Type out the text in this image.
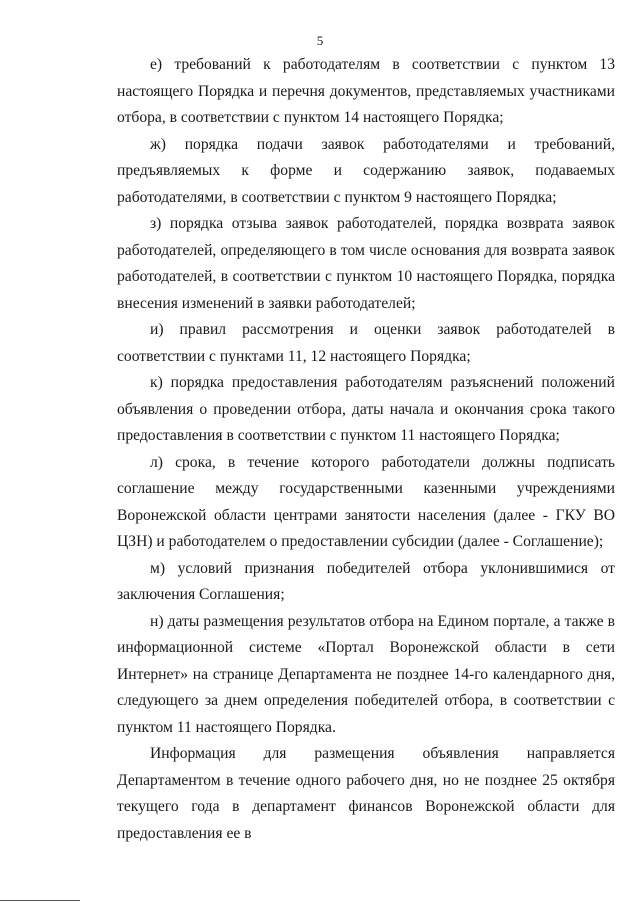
5

е) требований к работодателям в соответствии с пунктом 13 настоящего Порядка и перечня документов, представляемых участниками отбора, в соответствии с пунктом 14 настоящего Порядка;

ж) порядка подачи заявок работодателями и требований, предъявляемых к форме и содержанию заявок, подаваемых работодателями, в соответствии с пунктом 9 настоящего Порядка;

з) порядка отзыва заявок работодателей, порядка возврата заявок работодателей, определяющего в том числе основания для возврата заявок работодателей, в соответствии с пунктом 10 настоящего Порядка, порядка внесения изменений в заявки работодателей;

и) правил рассмотрения и оценки заявок работодателей в соответствии с пунктами 11, 12 настоящего Порядка;

к) порядка предоставления работодателям разъяснений положений объявления о проведении отбора, даты начала и окончания срока такого предоставления в соответствии с пунктом 11 настоящего Порядка;

л) срока, в течение которого работодатели должны подписать соглашение между государственными казенными учреждениями Воронежской области центрами занятости населения (далее - ГКУ ВО ЦЗН) и работодателем о предоставлении субсидии (далее - Соглашение);

м) условий признания победителей отбора уклонившимися от заключения Соглашения;

н) даты размещения результатов отбора на Едином портале, а также в информационной системе «Портал Воронежской области в сети Интернет» на странице Департамента не позднее 14-го календарного дня, следующего за днем определения победителей отбора, в соответствии с пунктом 11 настоящего Порядка.

Информация для размещения объявления направляется Департаментом в течение одного рабочего дня, но не позднее 25 октября текущего года в департамент финансов Воронежской области для предоставления ее в
